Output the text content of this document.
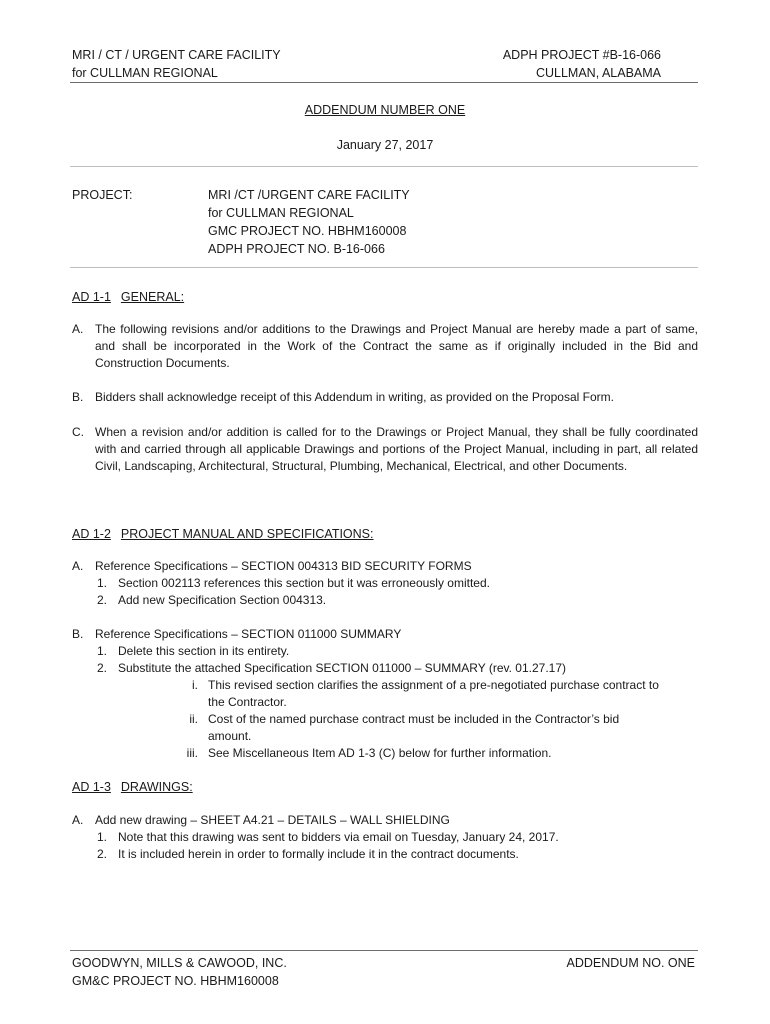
MRI / CT / URGENT CARE FACILITY
for CULLMAN REGIONAL
ADPH PROJECT #B-16-066
CULLMAN, ALABAMA
ADDENDUM NUMBER ONE
January 27, 2017
PROJECT:	MRI /CT /URGENT CARE FACILITY
for CULLMAN REGIONAL
GMC PROJECT NO. HBHM160008
ADPH PROJECT NO. B-16-066
AD 1-1 GENERAL:
A. The following revisions and/or additions to the Drawings and Project Manual are hereby made a part of same, and shall be incorporated in the Work of the Contract the same as if originally included in the Bid and Construction Documents.
B. Bidders shall acknowledge receipt of this Addendum in writing, as provided on the Proposal Form.
C. When a revision and/or addition is called for to the Drawings or Project Manual, they shall be fully coordinated with and carried through all applicable Drawings and portions of the Project Manual, including in part, all related Civil, Landscaping, Architectural, Structural, Plumbing, Mechanical, Electrical, and other Documents.
AD 1-2 PROJECT MANUAL AND SPECIFICATIONS:
A. Reference Specifications – SECTION 004313 BID SECURITY FORMS
1. Section 002113 references this section but it was erroneously omitted.
2. Add new Specification Section 004313.
B. Reference Specifications – SECTION 011000 SUMMARY
1. Delete this section in its entirety.
2. Substitute the attached Specification SECTION 011000 – SUMMARY (rev. 01.27.17)
i. This revised section clarifies the assignment of a pre-negotiated purchase contract to
the Contractor.
ii. Cost of the named purchase contract must be included in the Contractor’s bid
amount.
iii. See Miscellaneous Item AD 1-3 (C) below for further information.
AD 1-3 DRAWINGS:
A. Add new drawing – SHEET A4.21 – DETAILS – WALL SHIELDING
1. Note that this drawing was sent to bidders via email on Tuesday, January 24, 2017.
2. It is included herein in order to formally include it in the contract documents.
GOODWYN, MILLS & CAWOOD, INC.
GM&C PROJECT NO. HBHM160008
ADDENDUM NO. ONE
